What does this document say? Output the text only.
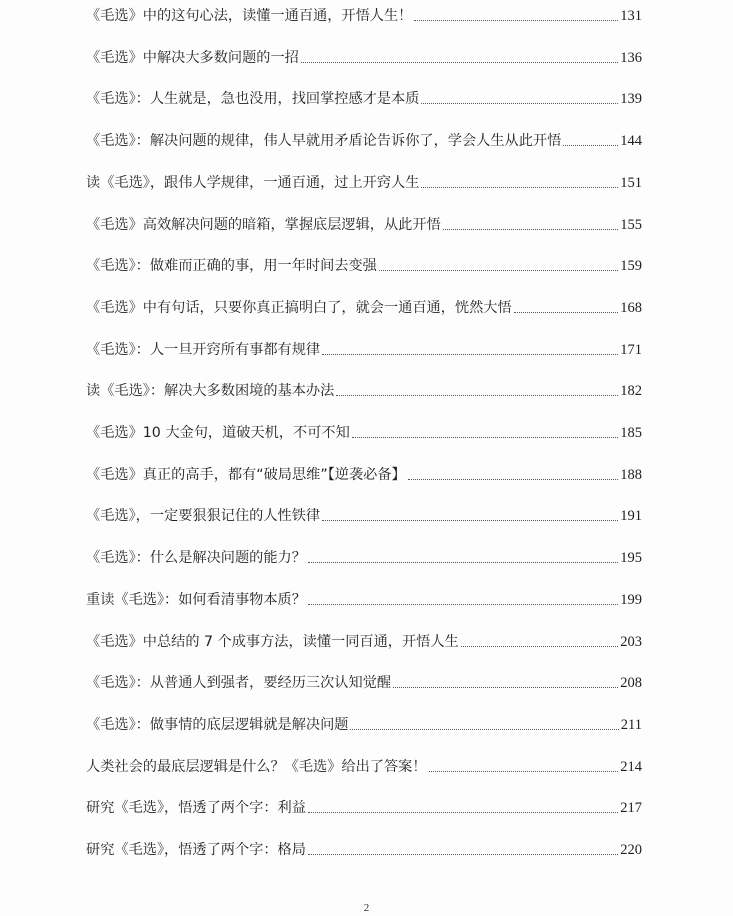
《毛选》中的这句心法，读懂一通百通，开悟人生！	131
《毛选》中解决大多数问题的一招	136
《毛选》：人生就是，急也没用，找回掌控感才是本质	139
《毛选》：解决问题的规律，伟人早就用矛盾论告诉你了，学会人生从此开悟	144
读《毛选》，跟伟人学规律，一通百通，过上开窍人生	151
《毛选》高效解决问题的暗箱，掌握底层逻辑，从此开悟	155
《毛选》：做难而正确的事，用一年时间去变强	159
《毛选》中有句话，只要你真正搞明白了，就会一通百通，恍然大悟	168
《毛选》：人一旦开窍所有事都有规律	171
读《毛选》：解决大多数困境的基本办法	182
《毛选》10 大金句，道破天机，不可不知	185
《毛选》真正的高手，都有“破局思维”【逆袭必备】	188
《毛选》，一定要狠狠记住的人性铁律	191
《毛选》：什么是解决问题的能力？	195
重读《毛选》：如何看清事物本质？	199
《毛选》中总结的 7 个成事方法，读懂一同百通，开悟人生	203
《毛选》：从普通人到强者，要经历三次认知觉醒	208
《毛选》：做事情的底层逻辑就是解决问题	211
人类社会的最底层逻辑是什么？《毛选》给出了答案！	214
研究《毛选》，悟透了两个字：利益	217
研究《毛选》，悟透了两个字：格局	220
2
